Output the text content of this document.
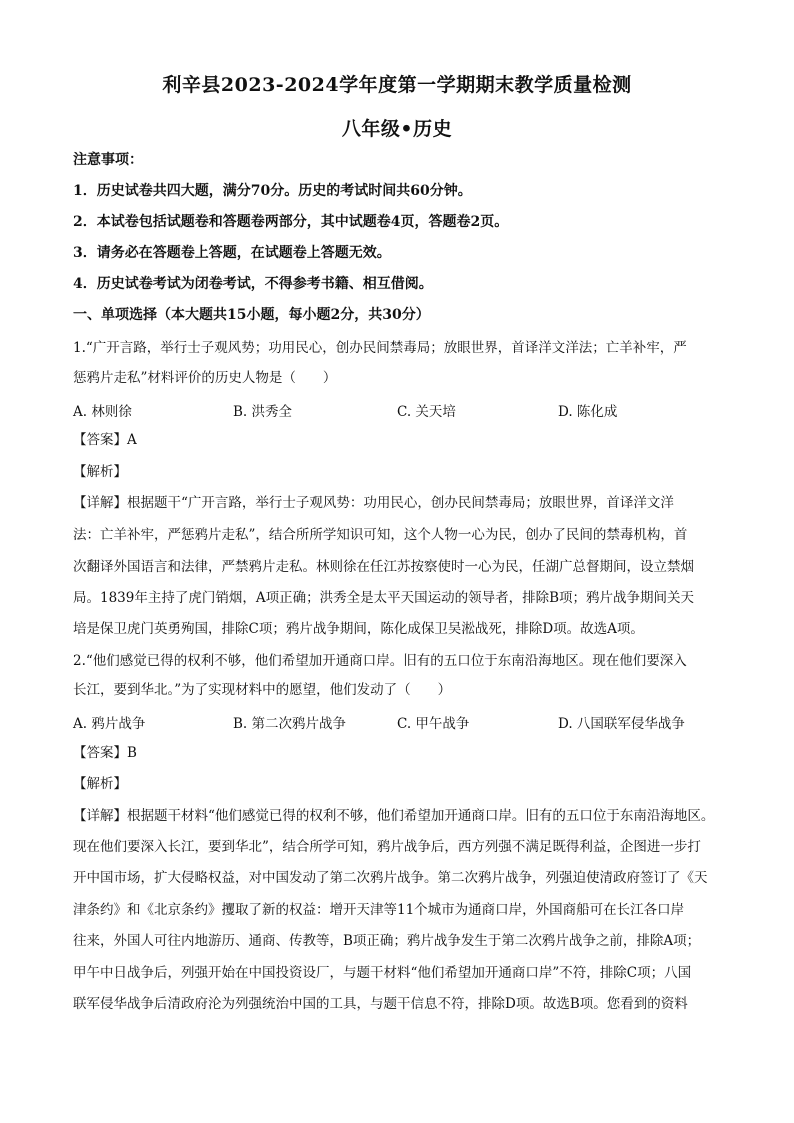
利辛县2023-2024学年度第一学期期末教学质量检测
八年级•历史
注意事项：
1．历史试卷共四大题，满分70分。历史的考试时间共60分钟。
2．本试卷包括试题卷和答题卷两部分，其中试题卷4页，答题卷2页。
3．请务必在答题卷上答题，在试题卷上答题无效。
4．历史试卷考试为闭卷考试，不得参考书籍、相互借阅。
一、单项选择（本大题共15小题，每小题2分，共30分）
1.“广开言路，举行士子观风势；功用民心，创办民间禁毒局；放眼世界，首译洋文洋法；亡羊补牢，严
惩鸦片走私”材料评价的历史人物是（　　）
A. 林则徐	B. 洪秀全	C. 关天培	D. 陈化成
【答案】A
【解析】
【详解】根据题干“广开言路，举行士子观风势：功用民心，创办民间禁毒局；放眼世界，首译洋文洋
法：亡羊补牢，严惩鸦片走私”，结合所所学知识可知，这个人物一心为民，创办了民间的禁毒机构，首
次翻译外国语言和法律，严禁鸦片走私。林则徐在任江苏按察使时一心为民，任湖广总督期间，设立禁烟
局。1839年主持了虎门销烟，A项正确；洪秀全是太平天国运动的领导者，排除B项；鸦片战争期间关天
培是保卫虎门英勇殉国，排除C项；鸦片战争期间，陈化成保卫吴淞战死，排除D项。故选A项。
2.“他们感觉已得的权利不够，他们希望加开通商口岸。旧有的五口位于东南沿海地区。现在他们要深入
长江，要到华北。”为了实现材料中的愿望，他们发动了（　　）
A. 鸦片战争	B. 第二次鸦片战争	C. 甲午战争	D. 八国联军侵华战争
【答案】B
【解析】
【详解】根据题干材料“他们感觉已得的权利不够，他们希望加开通商口岸。旧有的五口位于东南沿海地区。
现在他们要深入长江，要到华北”，结合所学可知，鸦片战争后，西方列强不满足既得利益，企图进一步打
开中国市场，扩大侵略权益，对中国发动了第二次鸦片战争。第二次鸦片战争，列强迫使清政府签订了《天
津条约》和《北京条约》攫取了新的权益：增开天津等11个城市为通商口岸，外国商船可在长江各口岸
往来，外国人可往内地游历、通商、传教等，B项正确；鸦片战争发生于第二次鸦片战争之前，排除A项；
甲午中日战争后，列强开始在中国投资设厂，与题干材料“他们希望加开通商口岸”不符，排除C项；八国
联军侵华战争后清政府沦为列强统治中国的工具，与题干信息不符，排除D项。故选B项。您看到的资料
